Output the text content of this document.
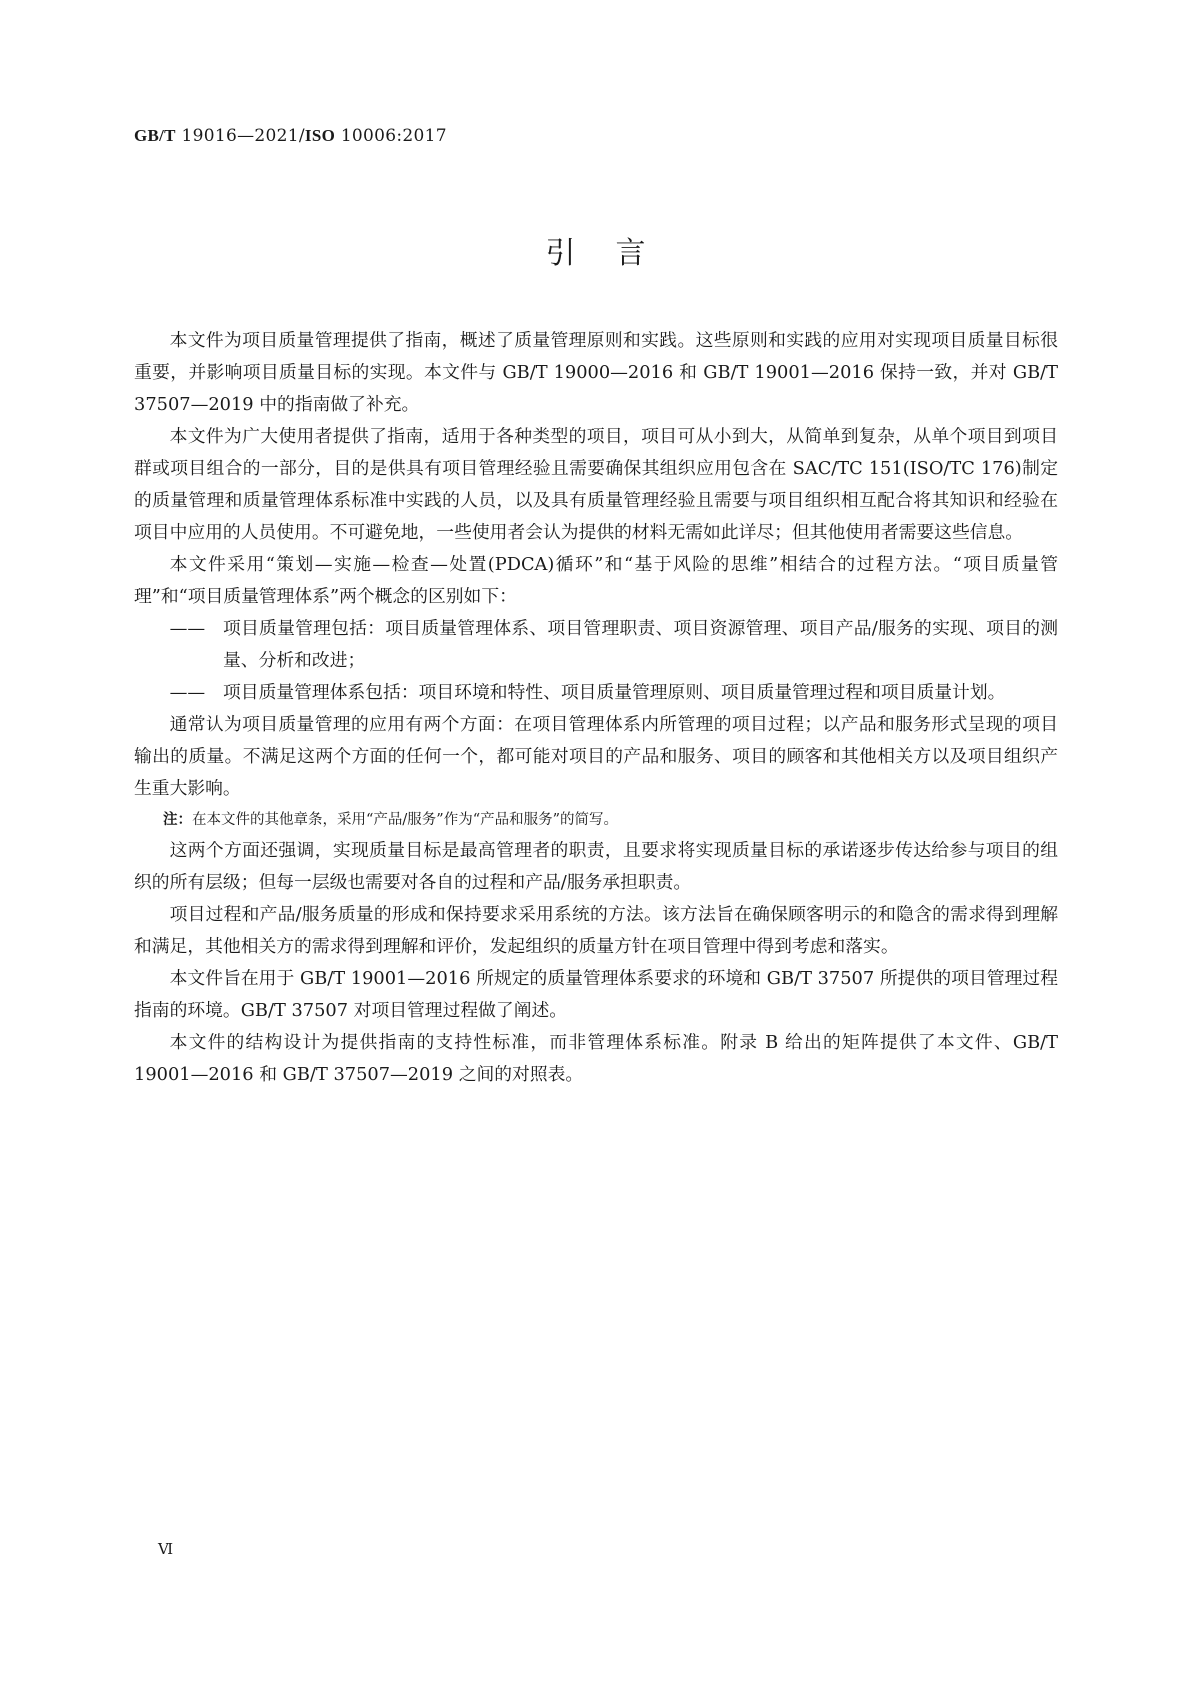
GB/T 19016—2021/ISO 10006:2017
引言

本文件为项目质量管理提供了指南，概述了质量管理原则和实践。这些原则和实践的应用对实现项目质量目标很重要，并影响项目质量目标的实现。本文件与 GB/T 19000—2016 和 GB/T 19001—2016 保持一致，并对 GB/T 37507—2019 中的指南做了补充。

本文件为广大使用者提供了指南，适用于各种类型的项目，项目可从小到大，从简单到复杂，从单个项目到项目群或项目组合的一部分，目的是供具有项目管理经验且需要确保其组织应用包含在 SAC/TC 151(ISO/TC 176)制定的质量管理和质量管理体系标准中实践的人员，以及具有质量管理经验且需要与项目组织相互配合将其知识和经验在项目中应用的人员使用。不可避免地，一些使用者会认为提供的材料无需如此详尽；但其他使用者需要这些信息。

本文件采用“策划—实施—检查—处置(PDCA)循环”和“基于风险的思维”相结合的过程方法。“项目质量管理”和“项目质量管理体系”两个概念的区别如下：

——	项目质量管理包括：项目质量管理体系、项目管理职责、项目资源管理、项目产品/服务的实现、项目的测量、分析和改进；

——	项目质量管理体系包括：项目环境和特性、项目质量管理原则、项目质量管理过程和项目质量计划。

通常认为项目质量管理的应用有两个方面：在项目管理体系内所管理的项目过程；以产品和服务形式呈现的项目输出的质量。不满足这两个方面的任何一个，都可能对项目的产品和服务、项目的顾客和其他相关方以及项目组织产生重大影响。

注：在本文件的其他章条，采用“产品/服务”作为“产品和服务”的简写。

这两个方面还强调，实现质量目标是最高管理者的职责，且要求将实现质量目标的承诺逐步传达给参与项目的组织的所有层级；但每一层级也需要对各自的过程和产品/服务承担职责。

项目过程和产品/服务质量的形成和保持要求采用系统的方法。该方法旨在确保顾客明示的和隐含的需求得到理解和满足，其他相关方的需求得到理解和评价，发起组织的质量方针在项目管理中得到考虑和落实。

本文件旨在用于 GB/T 19001—2016 所规定的质量管理体系要求的环境和 GB/T 37507 所提供的项目管理过程指南的环境。GB/T 37507 对项目管理过程做了阐述。

本文件的结构设计为提供指南的支持性标准，而非管理体系标准。附录 B 给出的矩阵提供了本文件、GB/T 19001—2016 和 GB/T 37507—2019 之间的对照表。

Ⅵ
